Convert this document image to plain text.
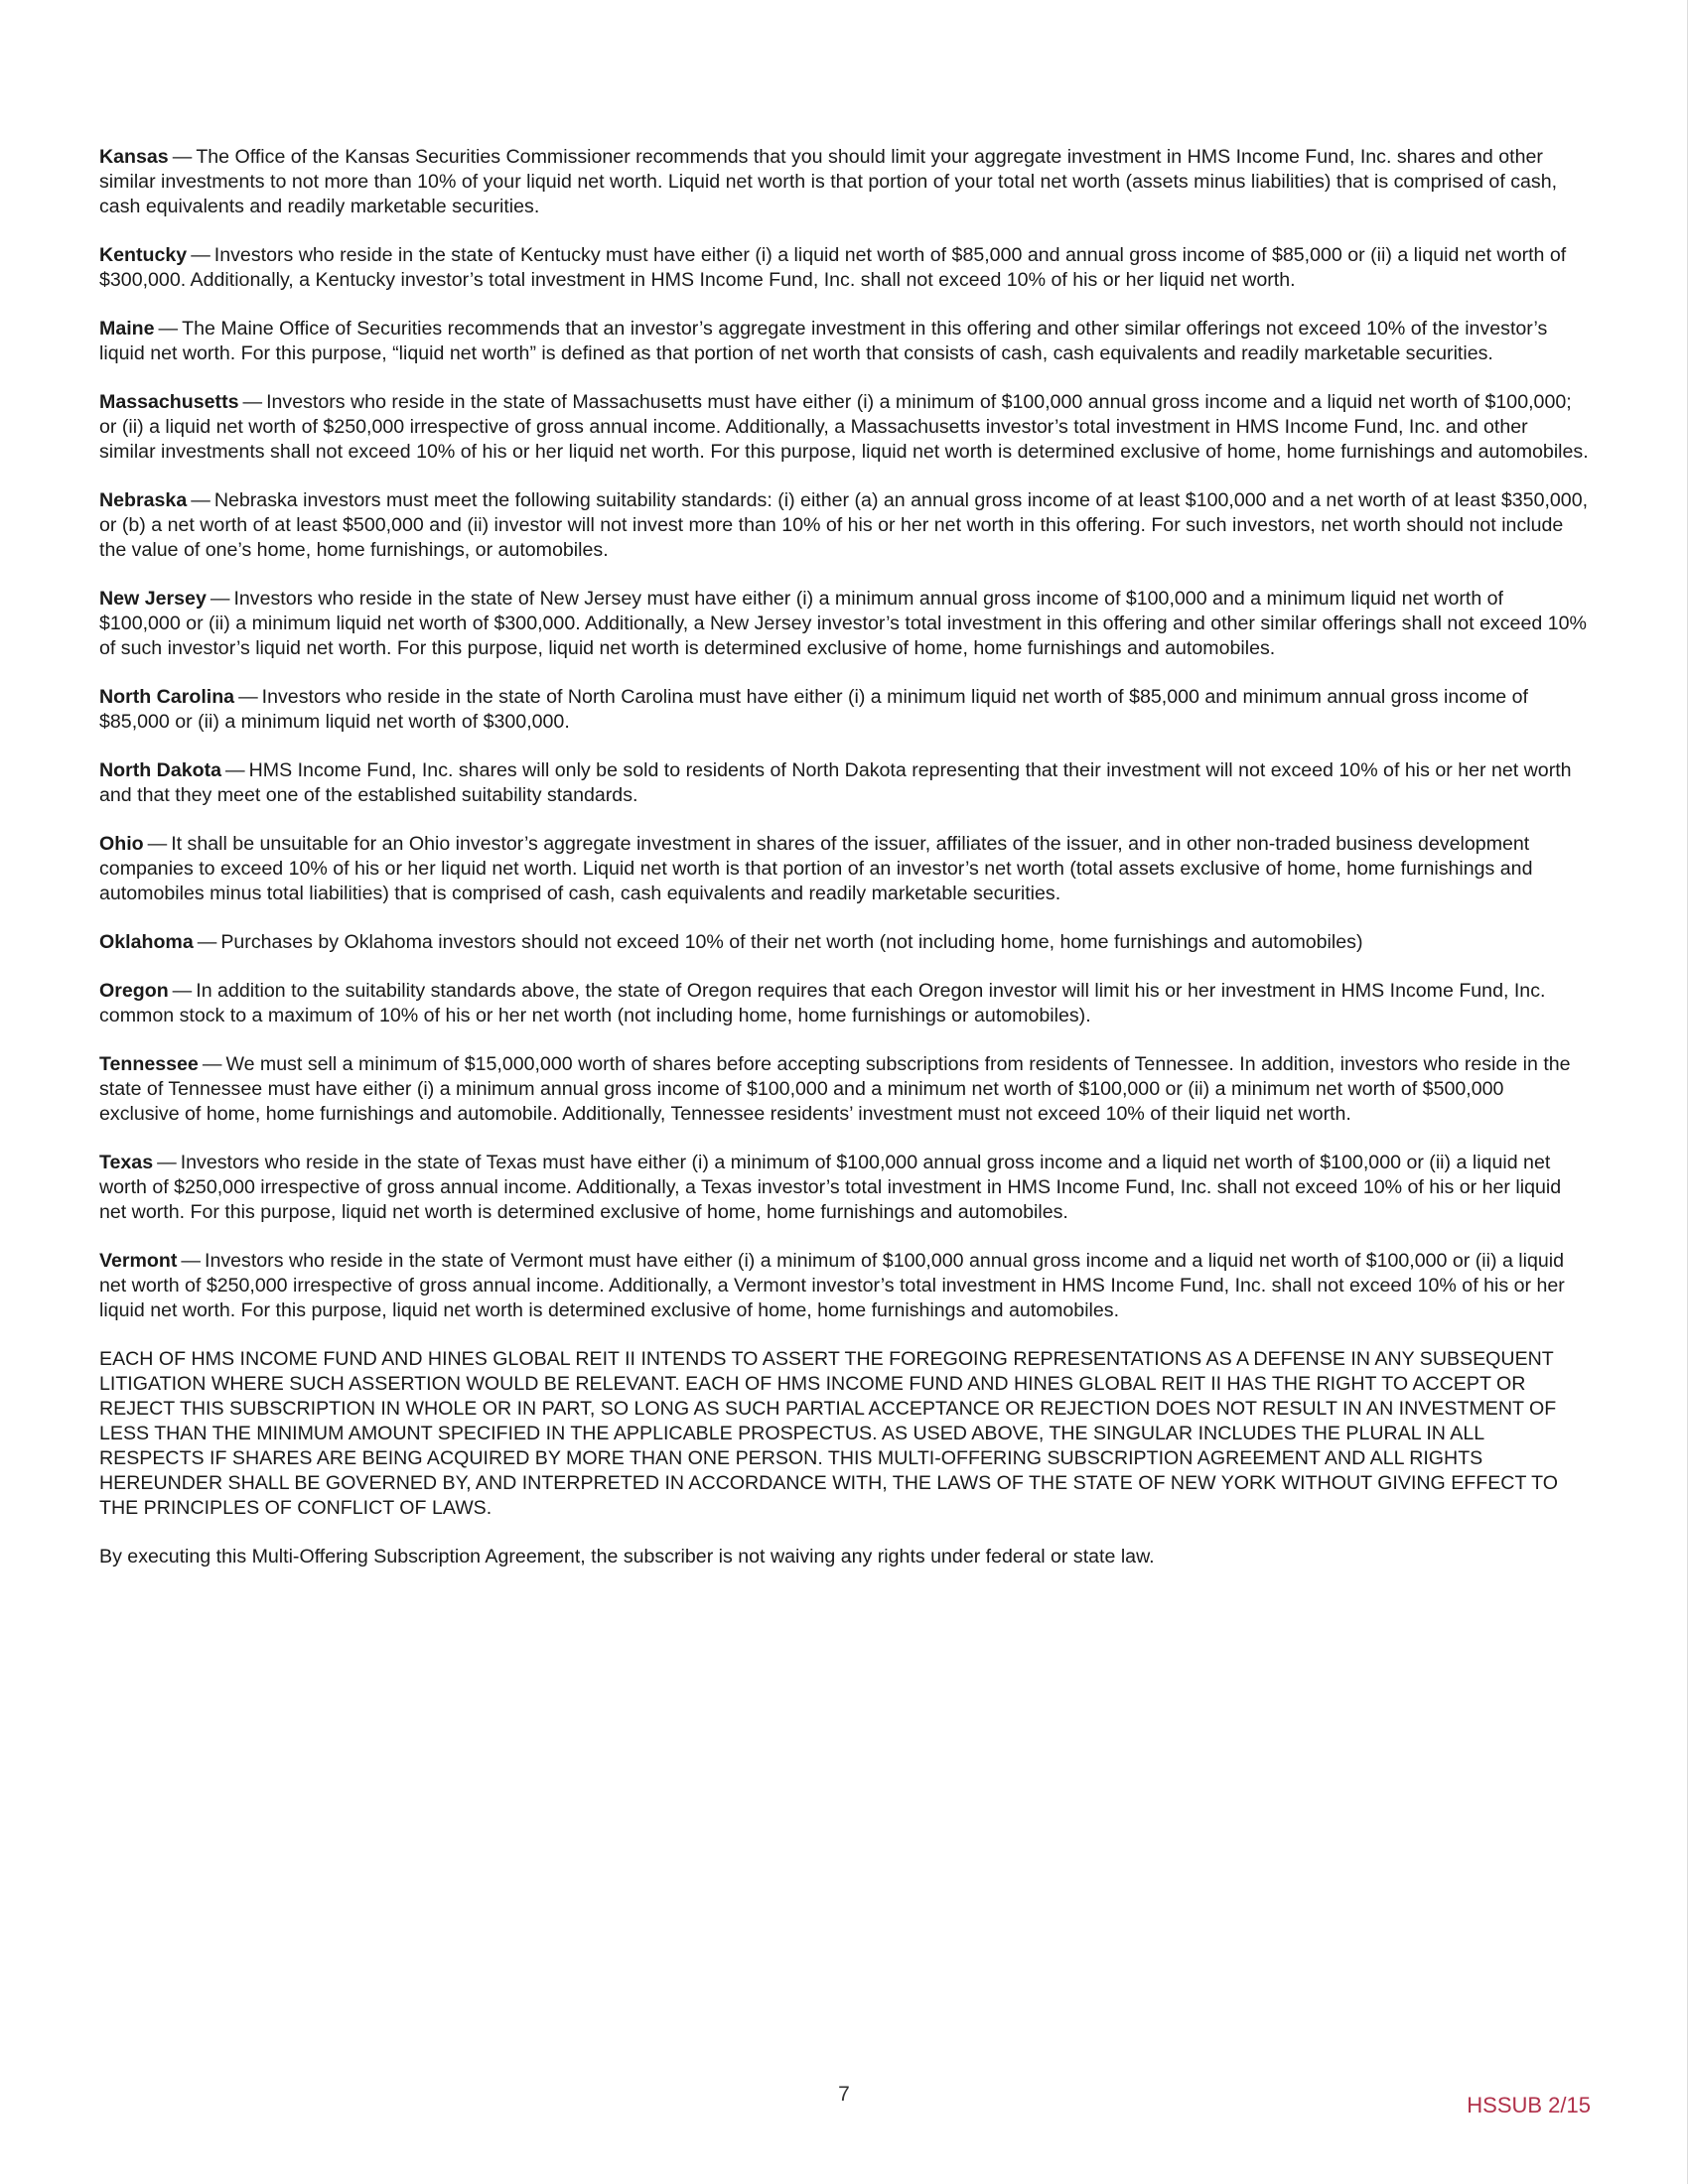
Kansas — The Office of the Kansas Securities Commissioner recommends that you should limit your aggregate investment in HMS Income Fund, Inc. shares and other similar investments to not more than 10% of your liquid net worth. Liquid net worth is that portion of your total net worth (assets minus liabilities) that is comprised of cash, cash equivalents and readily marketable securities.

Kentucky — Investors who reside in the state of Kentucky must have either (i) a liquid net worth of $85,000 and annual gross income of $85,000 or (ii) a liquid net worth of $300,000. Additionally, a Kentucky investor’s total investment in HMS Income Fund, Inc. shall not exceed 10% of his or her liquid net worth.

Maine — The Maine Office of Securities recommends that an investor’s aggregate investment in this offering and other similar offerings not exceed 10% of the investor’s liquid net worth. For this purpose, “liquid net worth” is defined as that portion of net worth that consists of cash, cash equivalents and readily marketable securities.

Massachusetts — Investors who reside in the state of Massachusetts must have either (i) a minimum of $100,000 annual gross income and a liquid net worth of $100,000; or (ii) a liquid net worth of $250,000 irrespective of gross annual income. Additionally, a Massachusetts investor’s total investment in HMS Income Fund, Inc. and other similar investments shall not exceed 10% of his or her liquid net worth. For this purpose, liquid net worth is determined exclusive of home, home furnishings and automobiles.

Nebraska — Nebraska investors must meet the following suitability standards: (i) either (a) an annual gross income of at least $100,000 and a net worth of at least $350,000, or (b) a net worth of at least $500,000 and (ii) investor will not invest more than 10% of his or her net worth in this offering. For such investors, net worth should not include the value of one’s home, home furnishings, or automobiles.

New Jersey — Investors who reside in the state of New Jersey must have either (i) a minimum annual gross income of $100,000 and a minimum liquid net worth of $100,000 or (ii) a minimum liquid net worth of $300,000. Additionally, a New Jersey investor’s total investment in this offering and other similar offerings shall not exceed 10% of such investor’s liquid net worth. For this purpose, liquid net worth is determined exclusive of home, home furnishings and automobiles.

North Carolina — Investors who reside in the state of North Carolina must have either (i) a minimum liquid net worth of $85,000 and minimum annual gross income of $85,000 or (ii) a minimum liquid net worth of $300,000.

North Dakota — HMS Income Fund, Inc. shares will only be sold to residents of North Dakota representing that their investment will not exceed 10% of his or her net worth and that they meet one of the established suitability standards.

Ohio — It shall be unsuitable for an Ohio investor’s aggregate investment in shares of the issuer, affiliates of the issuer, and in other non-traded business development companies to exceed 10% of his or her liquid net worth. Liquid net worth is that portion of an investor’s net worth (total assets exclusive of home, home furnishings and automobiles minus total liabilities) that is comprised of cash, cash equivalents and readily marketable securities.

Oklahoma — Purchases by Oklahoma investors should not exceed 10% of their net worth (not including home, home furnishings and automobiles)

Oregon — In addition to the suitability standards above, the state of Oregon requires that each Oregon investor will limit his or her investment in HMS Income Fund, Inc. common stock to a maximum of 10% of his or her net worth (not including home, home furnishings or automobiles).

Tennessee — We must sell a minimum of $15,000,000 worth of shares before accepting subscriptions from residents of Tennessee. In addition, investors who reside in the state of Tennessee must have either (i) a minimum annual gross income of $100,000 and a minimum net worth of $100,000 or (ii) a minimum net worth of $500,000 exclusive of home, home furnishings and automobile. Additionally, Tennessee residents’ investment must not exceed 10% of their liquid net worth.

Texas — Investors who reside in the state of Texas must have either (i) a minimum of $100,000 annual gross income and a liquid net worth of $100,000 or (ii) a liquid net worth of $250,000 irrespective of gross annual income. Additionally, a Texas investor’s total investment in HMS Income Fund, Inc. shall not exceed 10% of his or her liquid net worth. For this purpose, liquid net worth is determined exclusive of home, home furnishings and automobiles.

Vermont — Investors who reside in the state of Vermont must have either (i) a minimum of $100,000 annual gross income and a liquid net worth of $100,000 or (ii) a liquid net worth of $250,000 irrespective of gross annual income. Additionally, a Vermont investor’s total investment in HMS Income Fund, Inc. shall not exceed 10% of his or her liquid net worth. For this purpose, liquid net worth is determined exclusive of home, home furnishings and automobiles.

EACH OF HMS INCOME FUND AND HINES GLOBAL REIT II INTENDS TO ASSERT THE FOREGOING REPRESENTATIONS AS A DEFENSE IN ANY SUBSEQUENT LITIGATION WHERE SUCH ASSERTION WOULD BE RELEVANT. EACH OF HMS INCOME FUND AND HINES GLOBAL REIT II HAS THE RIGHT TO ACCEPT OR REJECT THIS SUBSCRIPTION IN WHOLE OR IN PART, SO LONG AS SUCH PARTIAL ACCEPTANCE OR REJECTION DOES NOT RESULT IN AN INVESTMENT OF LESS THAN THE MINIMUM AMOUNT SPECIFIED IN THE APPLICABLE PROSPECTUS. AS USED ABOVE, THE SINGULAR INCLUDES THE PLURAL IN ALL RESPECTS IF SHARES ARE BEING ACQUIRED BY MORE THAN ONE PERSON. THIS MULTI-OFFERING SUBSCRIPTION AGREEMENT AND ALL RIGHTS HEREUNDER SHALL BE GOVERNED BY, AND INTERPRETED IN ACCORDANCE WITH, THE LAWS OF THE STATE OF NEW YORK WITHOUT GIVING EFFECT TO THE PRINCIPLES OF CONFLICT OF LAWS.

By executing this Multi-Offering Subscription Agreement, the subscriber is not waiving any rights under federal or state law.

7	HSSUB 2/15
